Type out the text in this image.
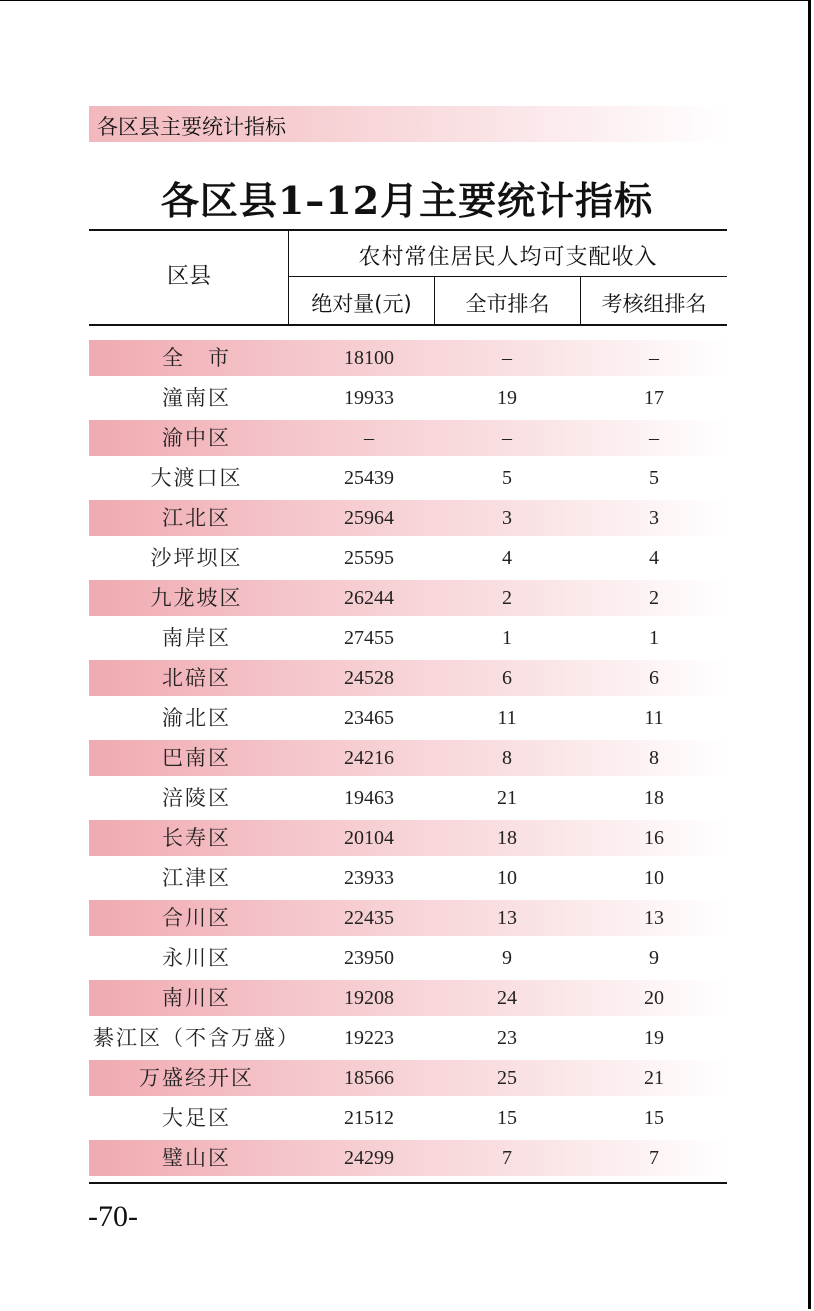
各区县主要统计指标
各区县1–12月主要统计指标
区县
农村常住居民人均可支配收入
绝对量(元)	全市排名	考核组排名
全　市	18100	–	–
潼南区	19933	19	17
渝中区	–	–	–
大渡口区	25439	5	5
江北区	25964	3	3
沙坪坝区	25595	4	4
九龙坡区	26244	2	2
南岸区	27455	1	1
北碚区	24528	6	6
渝北区	23465	11	11
巴南区	24216	8	8
涪陵区	19463	21	18
长寿区	20104	18	16
江津区	23933	10	10
合川区	22435	13	13
永川区	23950	9	9
南川区	19208	24	20
綦江区（不含万盛）	19223	23	19
万盛经开区	18566	25	21
大足区	21512	15	15
璧山区	24299	7	7
-70-
